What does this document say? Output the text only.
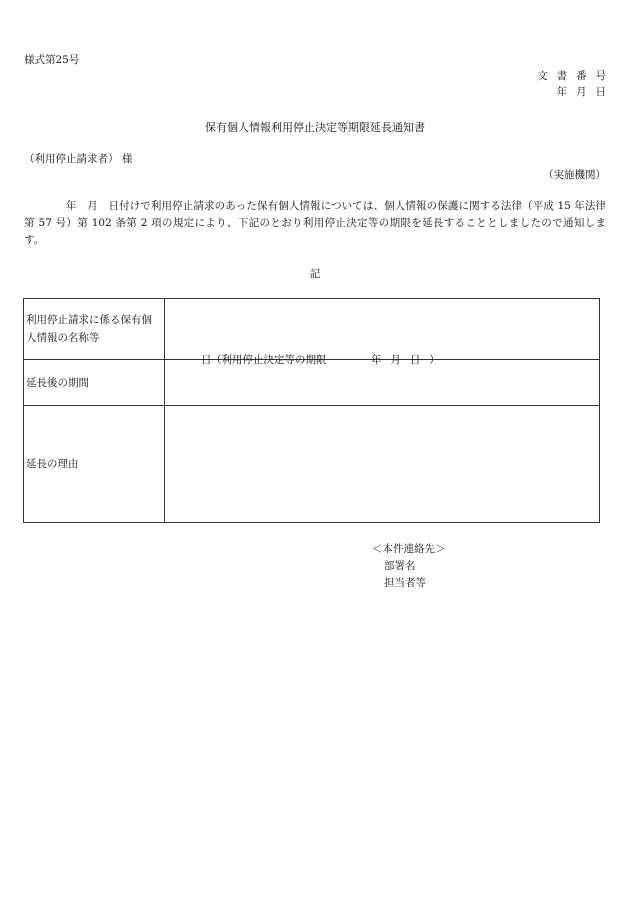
様式第25号
文書番号
年月日
保有個人情報利用停止決定等期限延長通知書
（利用停止請求者） 様
（実施機関）
年　月　日付けで利用停止請求のあった保有個人情報については、個人情報の保護に関する法律（平成 15 年法律第 57 号）第 102 条第 2 項の規定により、下記のとおり利用停止決定等の期限を延長することとしましたので通知します。
記
利用停止請求に係る保有個人情報の名称等	
延長後の期間	日 （利用停止決定等の期限 年月日）

延長の理由	
＜本件連絡先＞
部署名
担当者等
